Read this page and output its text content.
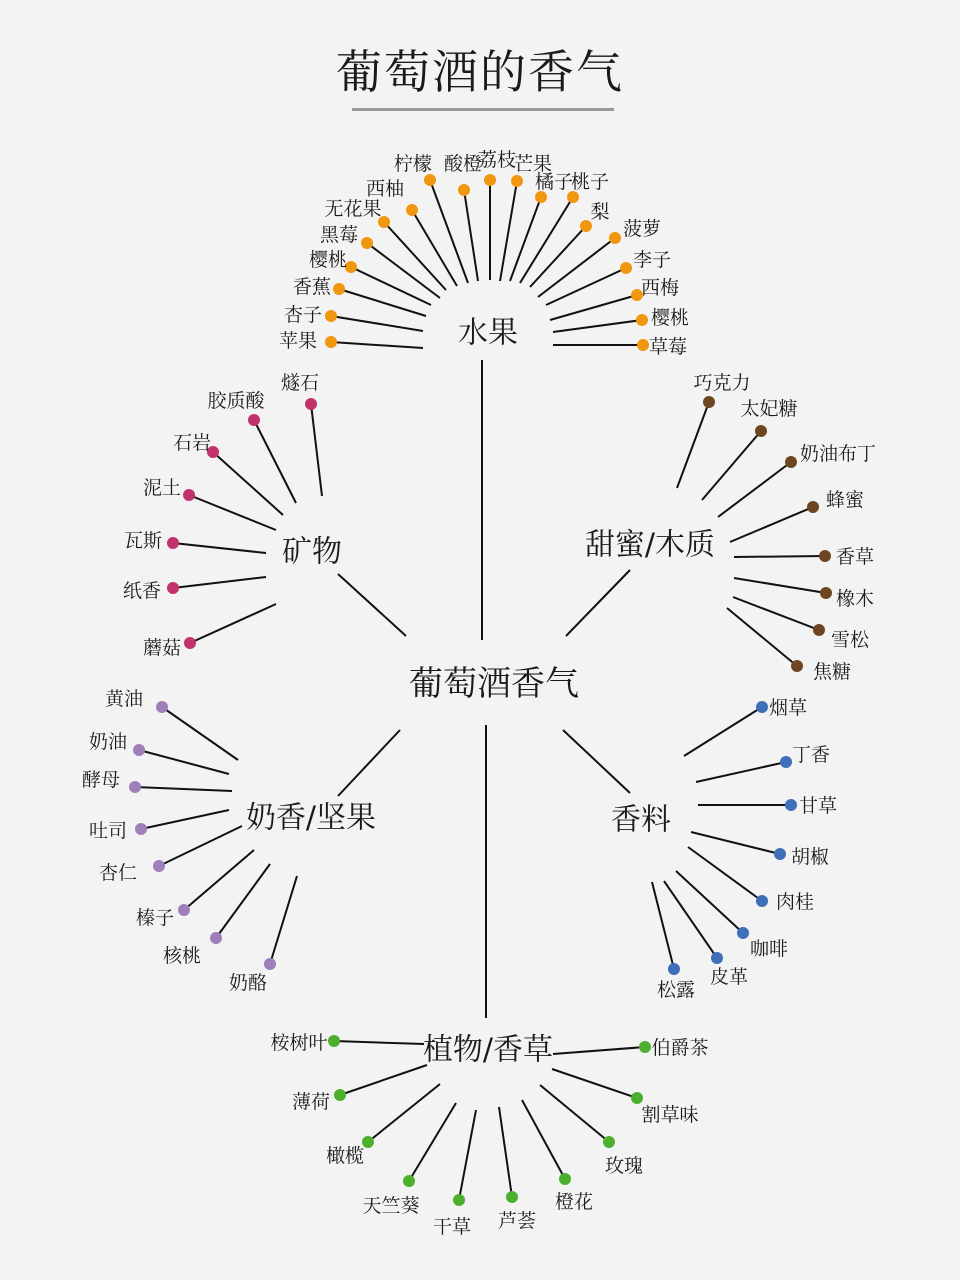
葡萄酒的香气
葡萄酒香气
水果
柠檬 酸橙
荔枝
芒果
西柚	橘子
桃子
无花果	梨
黑莓	菠萝
樱桃	李子
香蕉	西梅
樱桃
杏子
苹果	草莓
矿物
燧石
胶质酸
石岩
泥土
瓦斯
纸香
蘑菇
甜蜜/木质
巧克力
太妃糖
奶油布丁
蜂蜜
香草
橡木
雪松
焦糖
奶香/坚果
黄油
奶油
酵母
吐司
杏仁
榛子
核桃
奶酪
香料
烟草
丁香
甘草
胡椒
肉桂
咖啡
皮革
松露
植物/香草
桉树叶	伯爵茶
薄荷
割草味
橄榄	玫瑰
天竺葵	橙花
干草 芦荟
